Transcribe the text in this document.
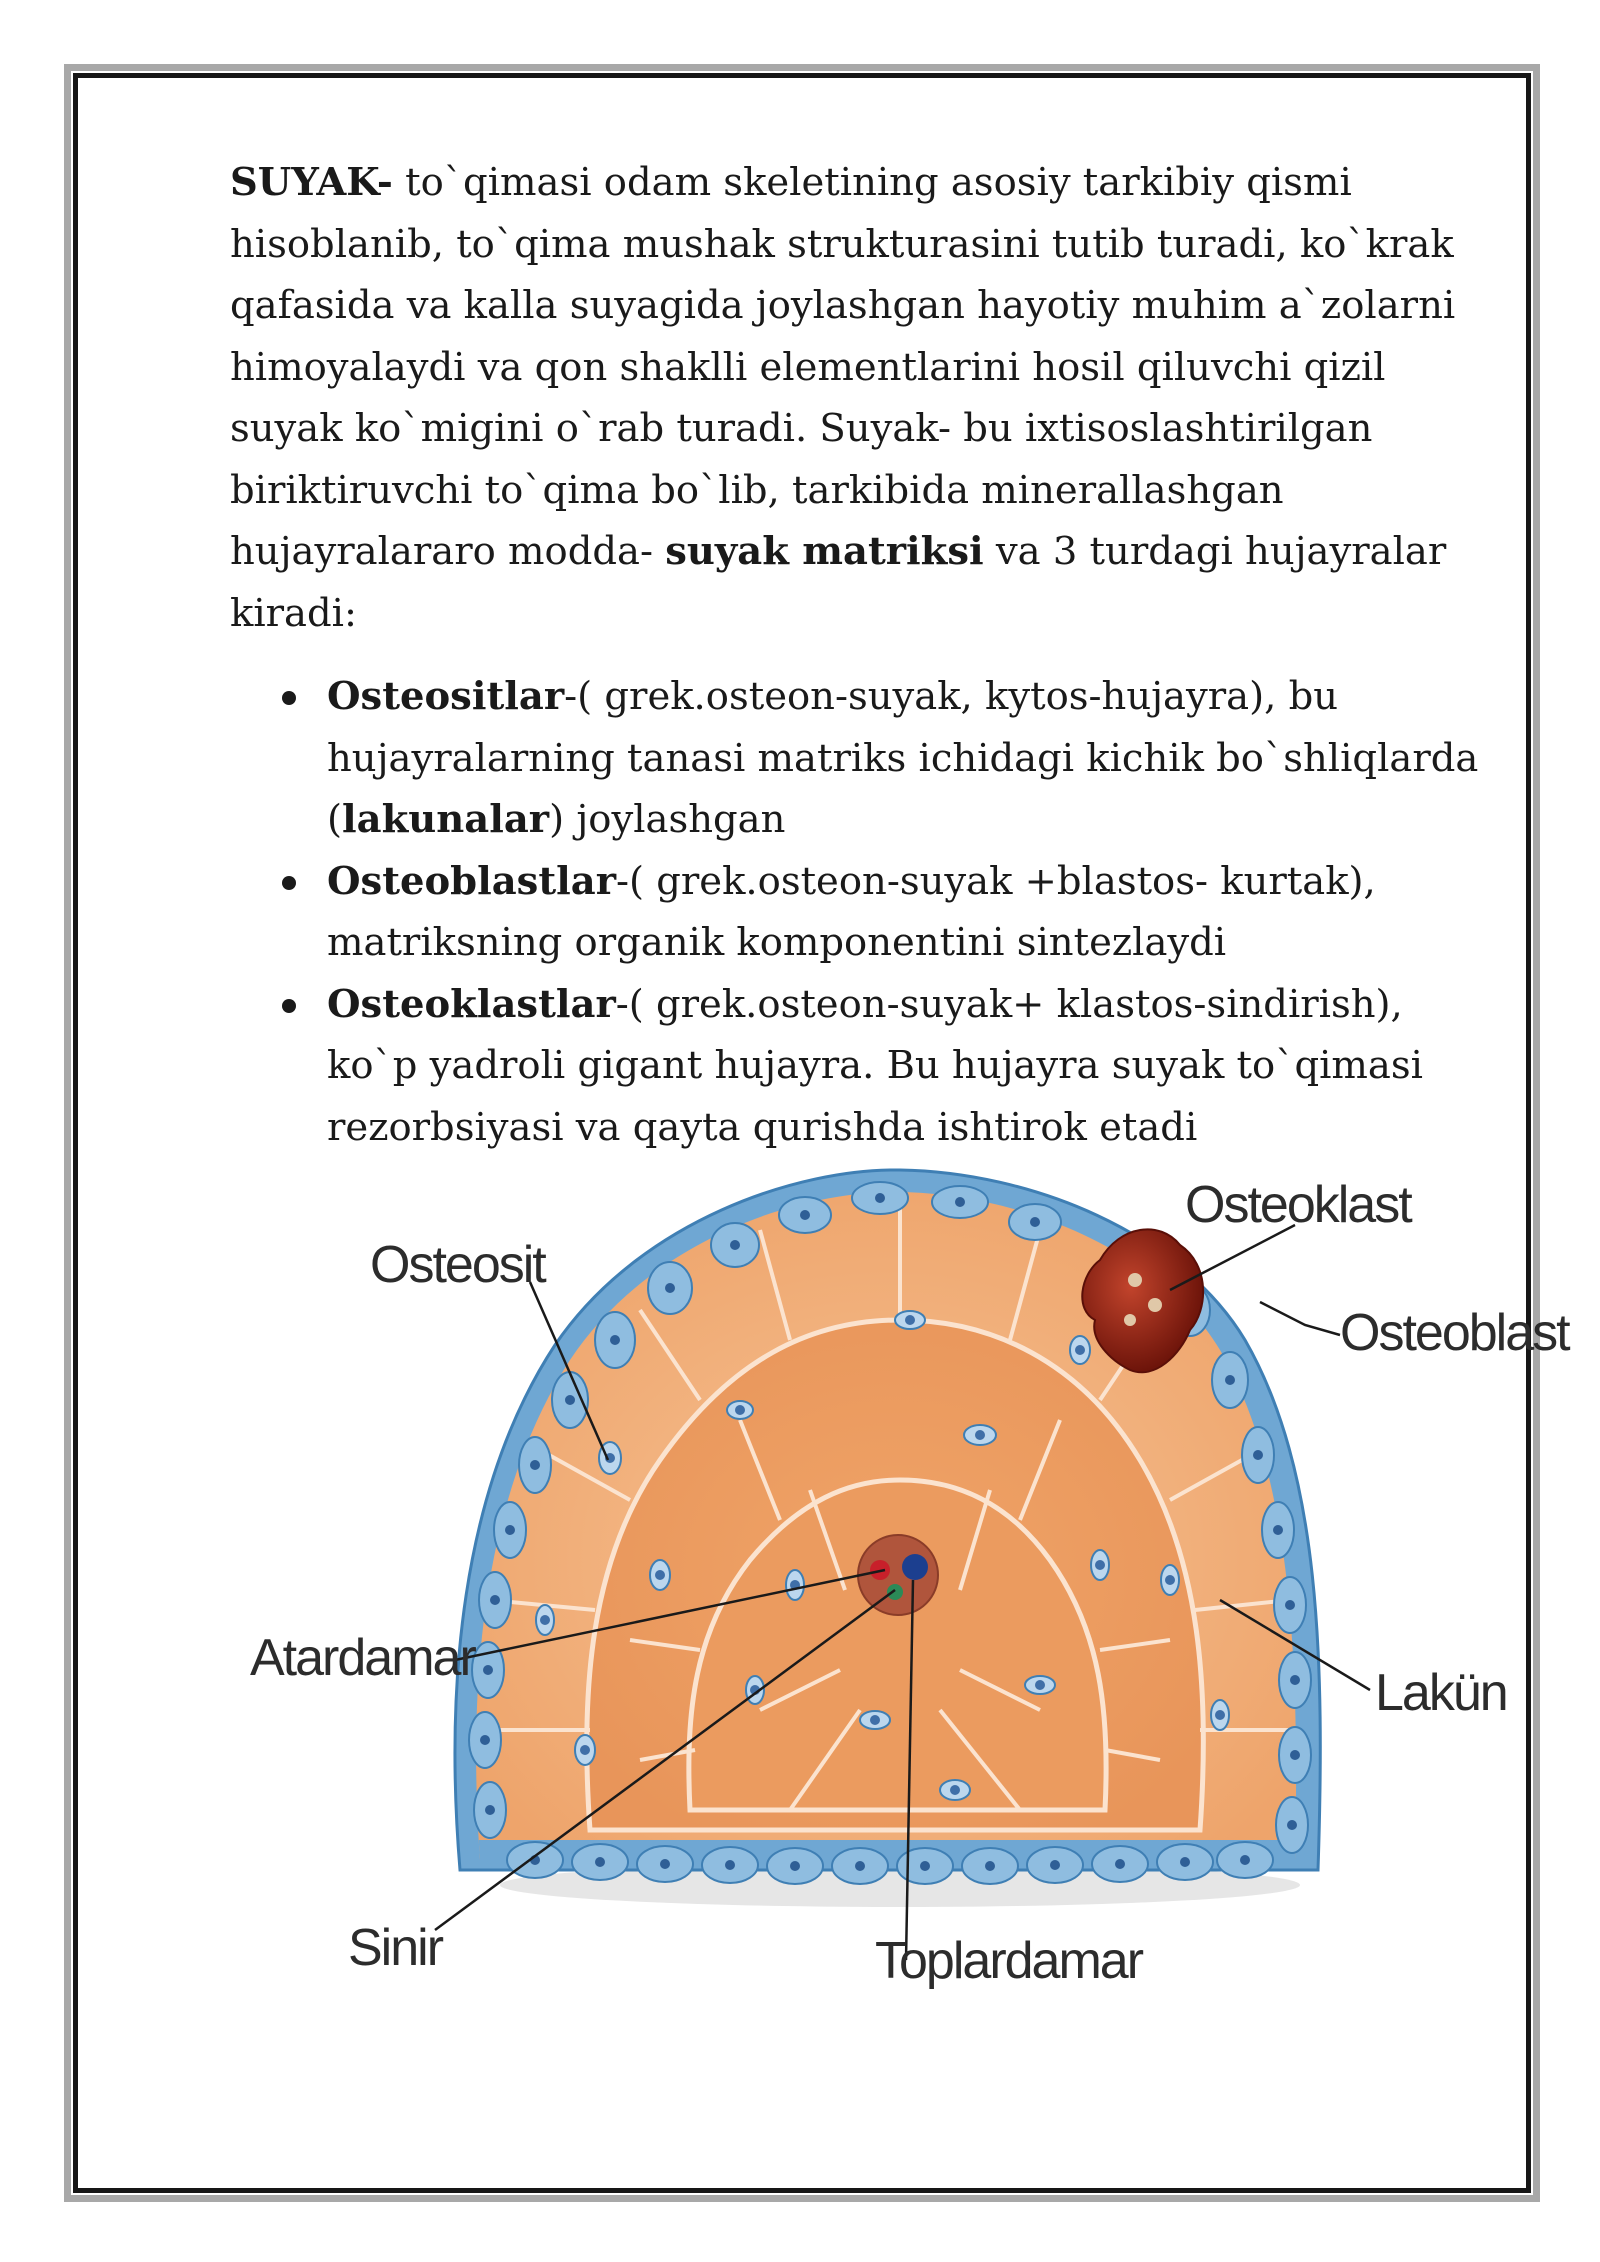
SUYAK- to`qimasi odam skeletining asosiy tarkibiy qismi hisoblanib, to`qima mushak strukturasini tutib turadi, ko`krak qafasida va kalla suyagida joylashgan hayotiy muhim a`zolarni himoyalaydi va qon shaklli elementlarini hosil qiluvchi qizil suyak ko`migini o`rab turadi. Suyak- bu ixtisoslashtirilgan biriktiruvchi to`qima bo`lib, tarkibida minerallashgan hujayralararo modda- suyak matriksi va 3 turdagi hujayralar kiradi:

Osteositlar-( grek.osteon-suyak, kytos-hujayra), bu hujayralarning tanasi matriks ichidagi kichik bo`shliqlarda (lakunalar) joylashgan
Osteoblastlar-( grek.osteon-suyak +blastos- kurtak), matriksning organik komponentini sintezlaydi
Osteoklastlar-( grek.osteon-suyak+ klastos-sindirish), ko`p yadroli gigant hujayra. Bu hujayra suyak to`qimasi rezorbsiyasi va qayta qurishda ishtirok etadi
Osteosit
Osteoklast
Osteoblast
Atardamar
Lakün
Sinir	Toplardamar
